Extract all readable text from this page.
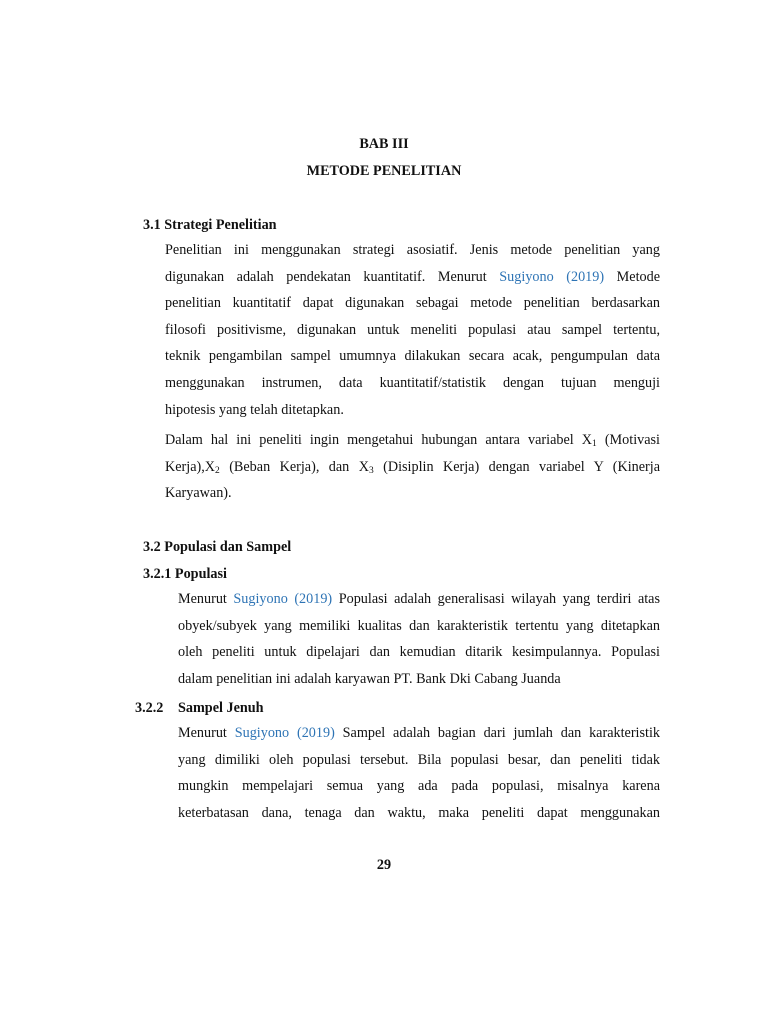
BAB III

METODE PENELITIAN

3.1 Strategi Penelitian

Penelitian ini menggunakan strategi asosiatif. Jenis metode penelitian yang
digunakan adalah pendekatan kuantitatif. Menurut Sugiyono (2019) Metode
penelitian kuantitatif dapat digunakan sebagai metode penelitian berdasarkan
filosofi positivisme, digunakan untuk meneliti populasi atau sampel tertentu,
teknik pengambilan sampel umumnya dilakukan secara acak, pengumpulan data
menggunakan instrumen, data kuantitatif/statistik dengan tujuan menguji
hipotesis yang telah ditetapkan.
Dalam hal ini peneliti ingin mengetahui hubungan antara variabel $X_1$ (Motivasi
$Kerja),X_2$ (Beban Kerja), dan $X_3$ (Disiplin Kerja) dengan variabel Y (Kinerja
Karyawan).

3.2 Populasi dan Sampel

3.2.1 Populasi

Menurut Sugiyono (2019) Populasi adalah generalisasi wilayah yang terdiri atas
obyek/subyek yang memiliki kualitas dan karakteristik tertentu yang ditetapkan
oleh peneliti untuk dipelajari dan kemudian ditarik kesimpulannya. Populasi
dalam penelitian ini adalah karyawan PT. Bank Dki Cabang Juanda

3.2.2 Sampel Jenuh

Menurut Sugiyono (2019) Sampel adalah bagian dari jumlah dan karakteristik
yang dimiliki oleh populasi tersebut. Bila populasi besar, dan peneliti tidak
mungkin mempelajari semua yang ada pada populasi, misalnya karena
keterbatasan dana, tenaga dan waktu, maka peneliti dapat menggunakan

29
